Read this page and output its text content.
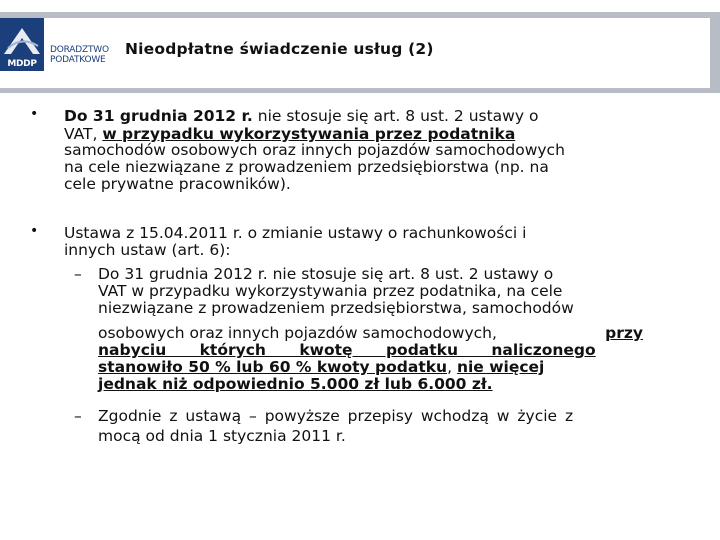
MDDP
DORADZTWO
PODATKOWE
Nieodpłatne świadczenie usług (2)
• Do 31 grudnia 2012 r. nie stosuje się art. 8 ust. 2 ustawy o
VAT, w przypadku wykorzystywania przez podatnika
samochodów osobowych oraz innych pojazdów samochodowych
na cele niezwiązane z prowadzeniem przedsiębiorstwa (np. na
cele prywatne pracowników).
• Ustawa z 15.04.2011 r. o zmianie ustawy o rachunkowości i
innych ustaw (art. 6):
– Do 31 grudnia 2012 r. nie stosuje się art. 8 ust. 2 ustawy o
VAT w przypadku wykorzystywania przez podatnika, na cele
niezwiązane z prowadzeniem przedsiębiorstwa, samochodów
osobowych oraz innych pojazdów samochodowych,	przy
nabyciu których kwotę podatku naliczonego
stanowiło 50 % lub 60 % kwoty podatku, nie więcej
jednak niż odpowiednio 5.000 zł lub 6.000 zł.
– Zgodnie z ustawą – powyższe przepisy wchodzą w życie z
mocą od dnia 1 stycznia 2011 r.
